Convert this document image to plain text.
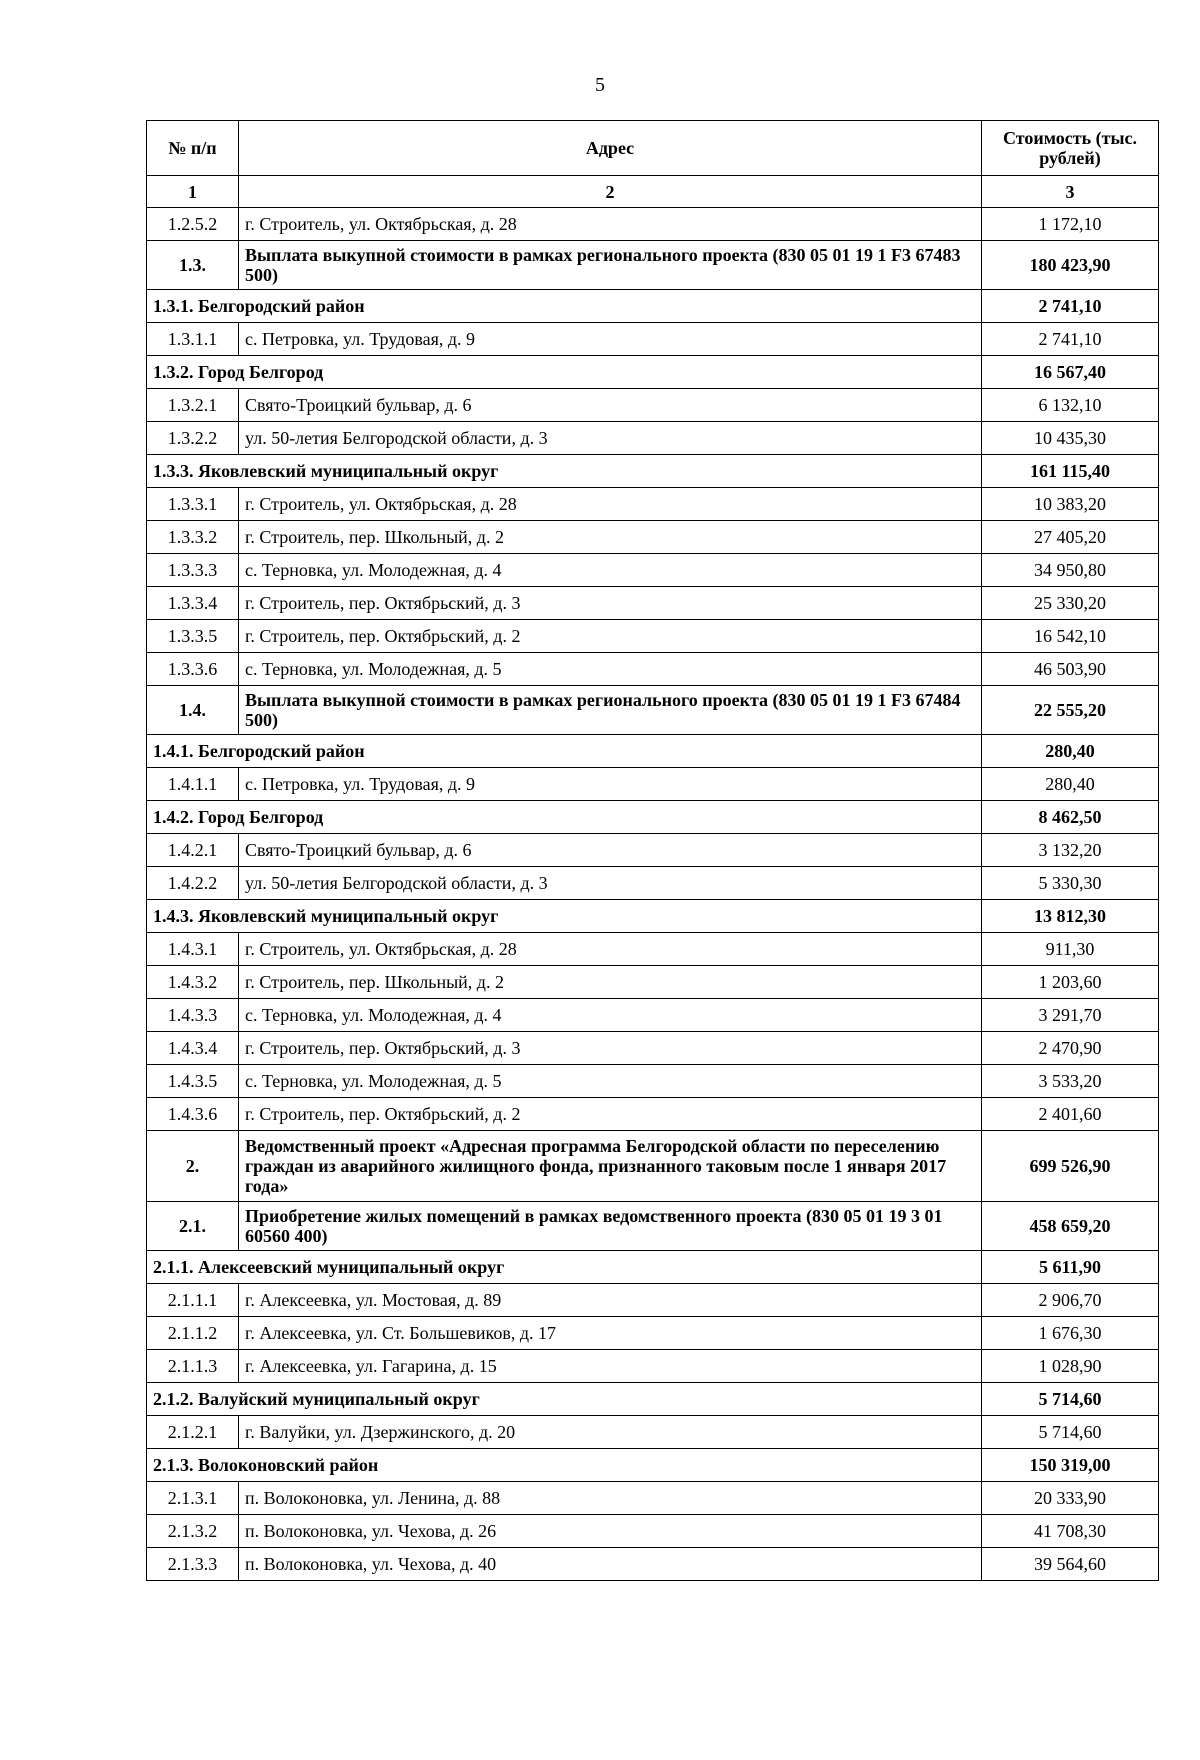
5
№ п/п	Адрес	Стоимость (тыс. рублей)
1	2	3
1.2.5.2	г. Строитель, ул. Октябрьская, д. 28	1 172,10
1.3.	Выплата выкупной стоимости в рамках регионального проекта (830 05 01 19 1 F3 67483 500)	180 423,90
1.3.1. Белгородский район		2 741,10
1.3.1.1	с. Петровка, ул. Трудовая, д. 9	2 741,10
1.3.2. Город Белгород		16 567,40
1.3.2.1	Свято-Троицкий бульвар, д. 6	6 132,10
1.3.2.2	ул. 50-летия Белгородской области, д. 3	10 435,30
1.3.3. Яковлевский муниципальный округ		161 115,40
1.3.3.1	г. Строитель, ул. Октябрьская, д. 28	10 383,20
1.3.3.2	г. Строитель, пер. Школьный, д. 2	27 405,20
1.3.3.3	с. Терновка, ул. Молодежная, д. 4	34 950,80
1.3.3.4	г. Строитель, пер. Октябрьский, д. 3	25 330,20
1.3.3.5	г. Строитель, пер. Октябрьский, д. 2	16 542,10
1.3.3.6	с. Терновка, ул. Молодежная, д. 5	46 503,90
1.4.	Выплата выкупной стоимости в рамках регионального проекта (830 05 01 19 1 F3 67484 500)	22 555,20
1.4.1. Белгородский район		280,40
1.4.1.1	с. Петровка, ул. Трудовая, д. 9	280,40
1.4.2. Город Белгород		8 462,50
1.4.2.1	Свято-Троицкий бульвар, д. 6	3 132,20
1.4.2.2	ул. 50-летия Белгородской области, д. 3	5 330,30
1.4.3. Яковлевский муниципальный округ		13 812,30
1.4.3.1	г. Строитель, ул. Октябрьская, д. 28	911,30
1.4.3.2	г. Строитель, пер. Школьный, д. 2	1 203,60
1.4.3.3	с. Терновка, ул. Молодежная, д. 4	3 291,70
1.4.3.4	г. Строитель, пер. Октябрьский, д. 3	2 470,90
1.4.3.5	с. Терновка, ул. Молодежная, д. 5	3 533,20
1.4.3.6	г. Строитель, пер. Октябрьский, д. 2	2 401,60
2.	Ведомственный проект «Адресная программа Белгородской области по переселению граждан из аварийного жилищного фонда, признанного таковым после 1 января 2017 года»	699 526,90
2.1.	Приобретение жилых помещений в рамках ведомственного проекта (830 05 01 19 3 01 60560 400)	458 659,20
2.1.1. Алексеевский муниципальный округ		5 611,90
2.1.1.1	г. Алексеевка, ул. Мостовая, д. 89	2 906,70
2.1.1.2	г. Алексеевка, ул. Ст. Большевиков, д. 17	1 676,30
2.1.1.3	г. Алексеевка, ул. Гагарина, д. 15	1 028,90
2.1.2. Валуйский муниципальный округ		5 714,60
2.1.2.1	г. Валуйки, ул. Дзержинского, д. 20	5 714,60
2.1.3. Волоконовский район		150 319,00
2.1.3.1	п. Волоконовка, ул. Ленина, д. 88	20 333,90
2.1.3.2	п. Волоконовка, ул. Чехова, д. 26	41 708,30
2.1.3.3	п. Волоконовка, ул. Чехова, д. 40	39 564,60
